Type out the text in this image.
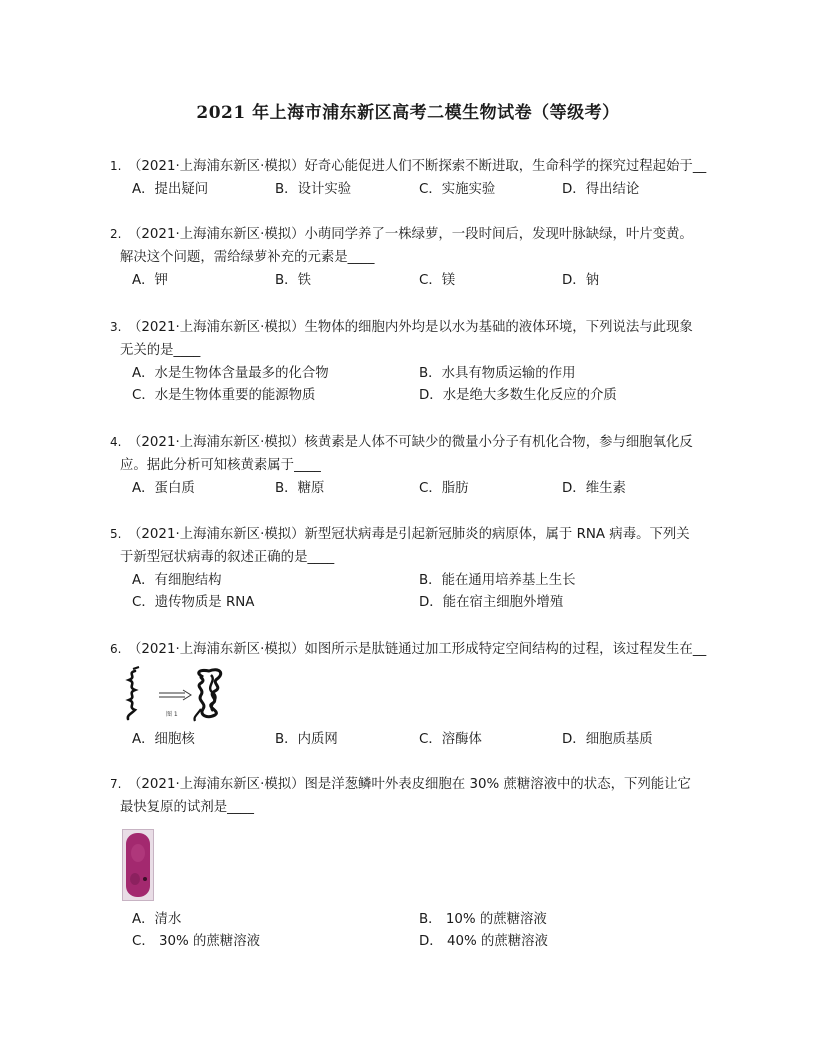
2021 年上海市浦东新区高考二模生物试卷（等级考）
1. （2021·上海浦东新区·模拟）好奇心能促进人们不断探索不断进取，生命科学的探究过程起始于__
A．提出疑问	B．设计实验	C．实施实验	D．得出结论
2. （2021·上海浦东新区·模拟）小萌同学养了一株绿萝，一段时间后，发现叶脉缺绿，叶片变黄。
解决这个问题，需给绿萝补充的元素是____
A．钾	B．铁	C．镁	D．钠
3. （2021·上海浦东新区·模拟）生物体的细胞内外均是以水为基础的液体环境，下列说法与此现象
无关的是____
A．水是生物体含量最多的化合物	B．水具有物质运输的作用
C．水是生物体重要的能源物质	D．水是绝大多数生化反应的介质
4. （2021·上海浦东新区·模拟）核黄素是人体不可缺少的微量小分子有机化合物，参与细胞氧化反
应。据此分析可知核黄素属于____
A．蛋白质	B．糖原	C．脂肪	D．维生素
5. （2021·上海浦东新区·模拟）新型冠状病毒是引起新冠肺炎的病原体，属于 RNA 病毒。下列关
于新型冠状病毒的叙述正确的是____
A．有细胞结构	B．能在通用培养基上生长
C．遗传物质是 RNA	D．能在宿主细胞外增殖
6. （2021·上海浦东新区·模拟）如图所示是肽链通过加工形成特定空间结构的过程，该过程发生在__
图 1
A．细胞核	B．内质网	C．溶酶体	D．细胞质基质
7. （2021·上海浦东新区·模拟）图是洋葱鳞叶外表皮细胞在 30% 蔗糖溶液中的状态，下列能让它
最快复原的试剂是____
A．清水	B． 10% 的蔗糖溶液
C． 30% 的蔗糖溶液	D． 40% 的蔗糖溶液
